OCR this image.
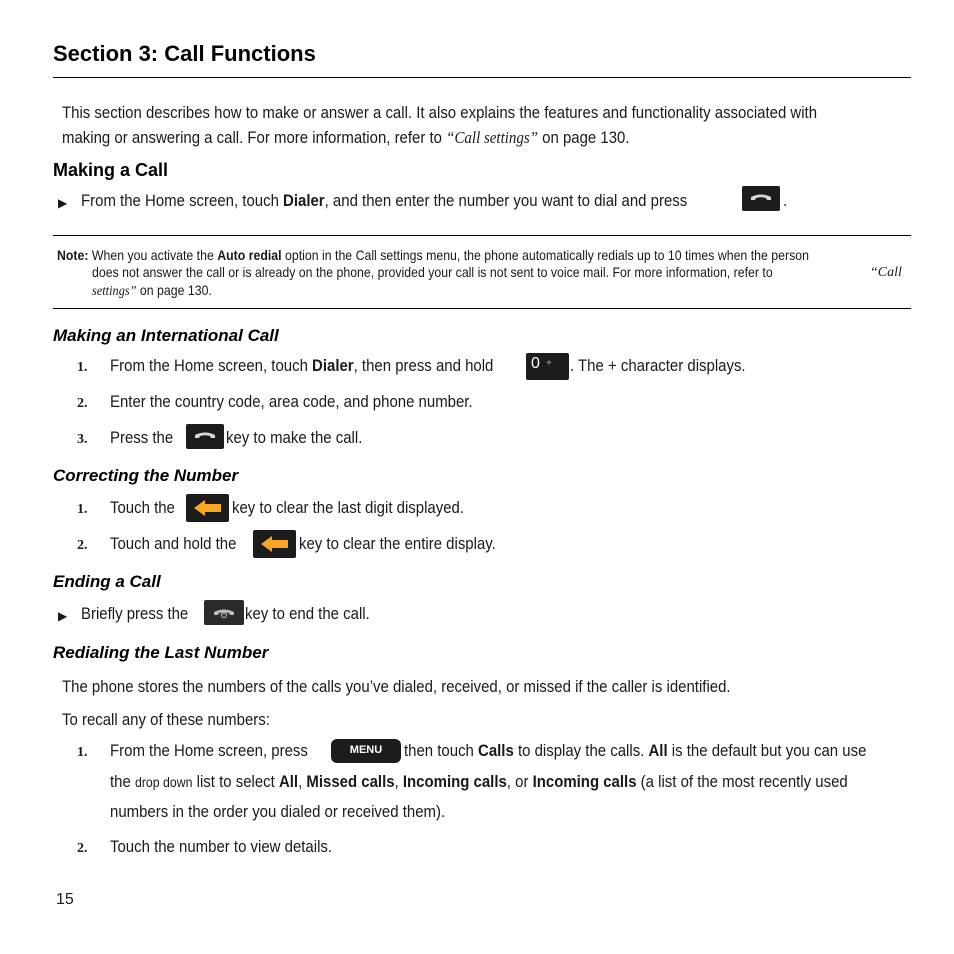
Section 3: Call Functions
This section describes how to make or answer a call. It also explains the features and functionality associated with
making or answering a call. For more information, refer to “Call settings” on page 130.
Making a Call
▶ From the Home screen, touch Dialer, and then enter the number you want to dial and press	.
Note: When you activate the Auto redial option in the Call settings menu, the phone automatically redials up to 10 times when the person
does not answer the call or is already on the phone, provided your call is not sent to voice mail. For more information, refer to	“Call
settings” on page 130.
Making an International Call
1. From the Home screen, touch Dialer, then press and hold 0 + . The + character displays.
2. Enter the country code, area code, and phone number.
3. Press the	key to make the call.
Correcting the Number
1. Touch the	key to clear the last digit displayed.
2. Touch and hold the	key to clear the entire display.
Ending a Call
▶ Briefly press the	key to end the call.
Redialing the Last Number
The phone stores the numbers of the calls you’ve dialed, received, or missed if the caller is identified.
To recall any of these numbers:
1. From the Home screen, press	MENU	then touch Calls to display the calls. All is the default but you can use
the drop down list to select All, Missed calls, Incoming calls, or Incoming calls (a list of the most recently used
numbers in the order you dialed or received them).
2. Touch the number to view details.
15
